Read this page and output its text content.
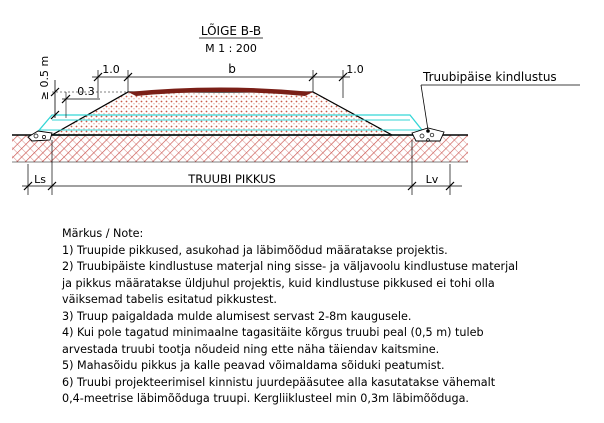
LÕIGE B-B
M 1 : 200
1.0	b	1.0
≥ 0.5 m 0.3
Truubipäise kindlustus
Ls	TRUUBI PIKKUS	Lv
Märkus / Note:
1) Truupide pikkused, asukohad ja läbimõõdud määratakse projektis.
2) Truubipäiste kindlustuse materjal ning sisse- ja väljavoolu kindlustuse materjal
ja pikkus määratakse üldjuhul projektis, kuid kindlustuse pikkused ei tohi olla
väiksemad tabelis esitatud pikkustest.
3) Truup paigaldada mulde alumisest servast 2-8m kaugusele.
4) Kui pole tagatud minimaalne tagasitäite kõrgus truubi peal (0,5 m) tuleb
arvestada truubi tootja nõudeid ning ette näha täiendav kaitsmine.
5) Mahasõidu pikkus ja kalle peavad võimaldama sõiduki peatumist.
6) Truubi projekteerimisel kinnistu juurdepääsutee alla kasutatakse vähemalt
0,4-meetrise läbimõõduga truupi. Kergliiklusteel min 0,3m läbimõõduga.
